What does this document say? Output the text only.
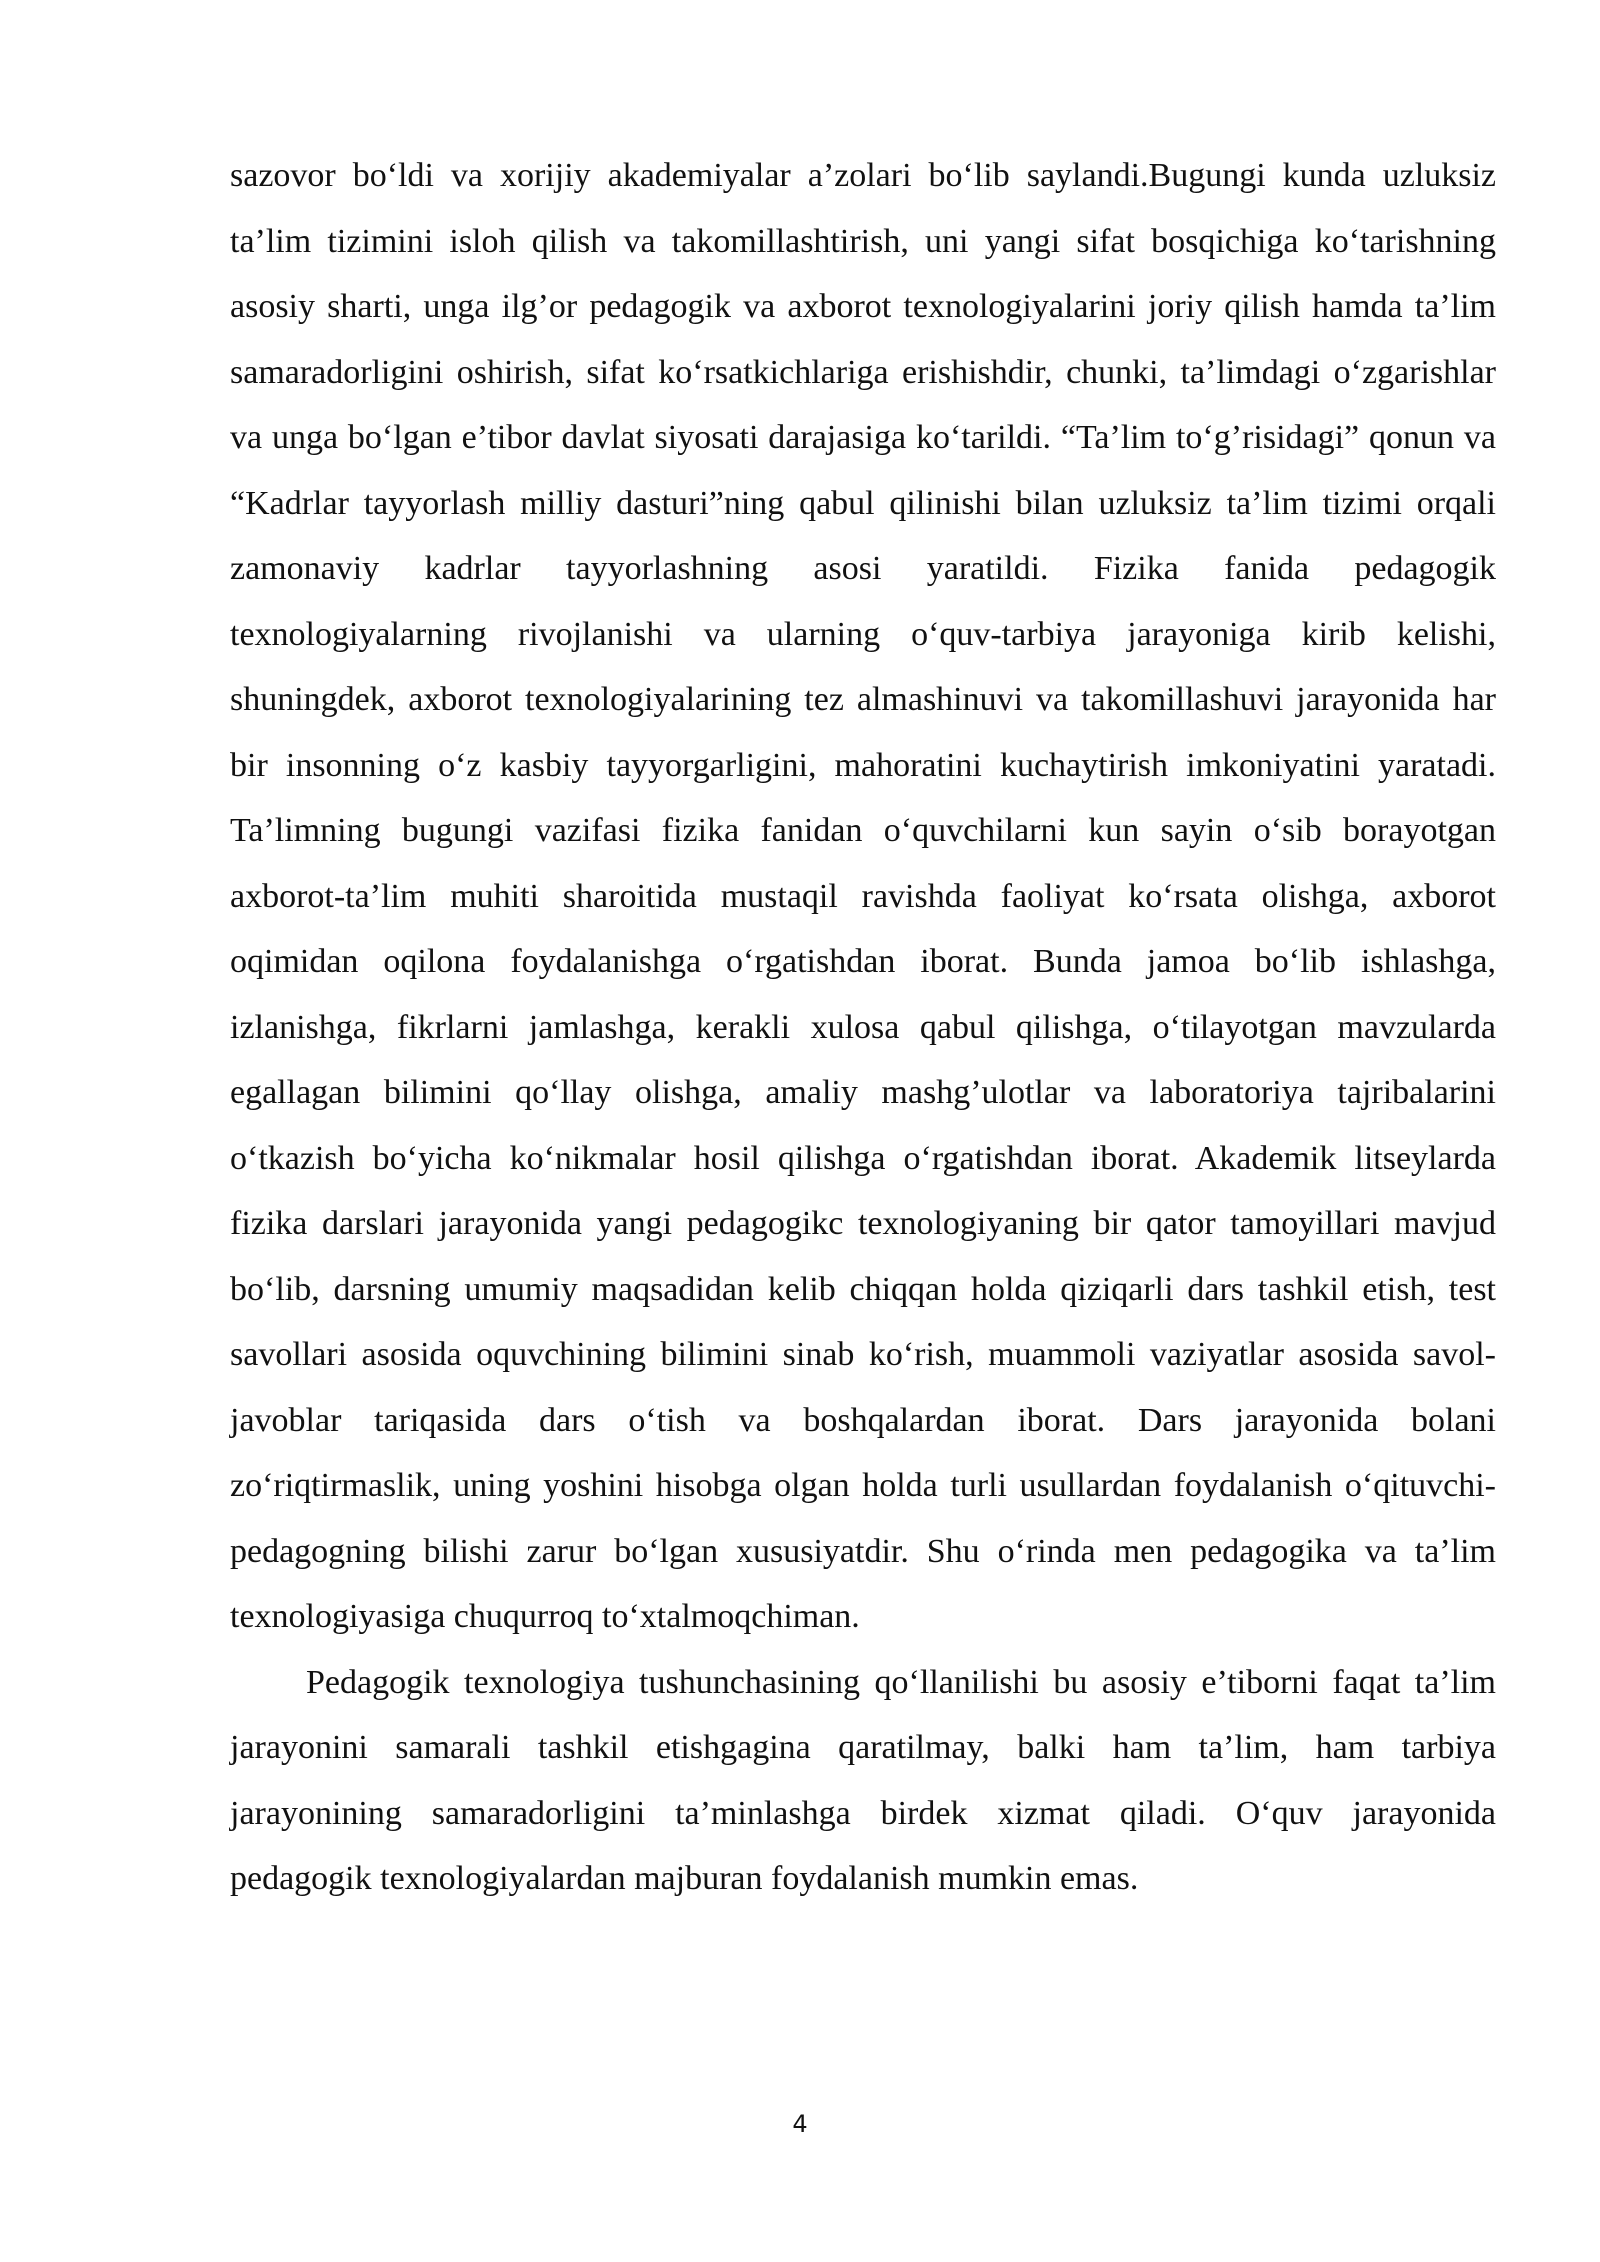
sazovor bo‘ldi va xorijiy akademiyalar a’zolari bo‘lib saylandi.Bugungi kunda uzluksiz ta’lim tizimini isloh qilish va takomillashtirish, uni yangi sifat bosqichiga ko‘tarishning asosiy sharti, unga ilg’or pedagogik va axborot texnologiyalarini joriy qilish hamda ta’lim samaradorligini oshirish, sifat ko‘rsatkichlariga erishishdir, chunki, ta’limdagi o‘zgarishlar va unga bo‘lgan e’tibor davlat siyosati darajasiga ko‘tarildi. “Ta’lim to‘g’risidagi” qonun va “Kadrlar tayyorlash milliy dasturi”ning qabul qilinishi bilan uzluksiz ta’lim tizimi orqali zamonaviy kadrlar tayyorlashning asosi yaratildi. Fizika fanida pedagogik texnologiyalarning rivojlanishi va ularning o‘quv-tarbiya jarayoniga kirib kelishi, shuningdek, axborot texnologiyalarining tez almashinuvi va takomillashuvi jarayonida har bir insonning o‘z kasbiy tayyorgarligini, mahoratini kuchaytirish imkoniyatini yaratadi. Ta’limning bugungi vazifasi fizika fanidan o‘quvchilarni kun sayin o‘sib borayotgan axborot-ta’lim muhiti sharoitida mustaqil ravishda faoliyat ko‘rsata olishga, axborot oqimidan oqilona foydalanishga o‘rgatishdan iborat. Bunda jamoa bo‘lib ishlashga, izlanishga, fikrlarni jamlashga, kerakli xulosa qabul qilishga, o‘tilayotgan mavzularda egallagan bilimini qo‘llay olishga, amaliy mashg’ulotlar va laboratoriya tajribalarini o‘tkazish bo‘yicha ko‘nikmalar hosil qilishga o‘rgatishdan iborat. Akademik litseylarda fizika darslari jarayonida yangi pedagogikc texnologiyaning bir qator tamoyillari mavjud bo‘lib, darsning umumiy maqsadidan kelib chiqqan holda qiziqarli dars tashkil etish, test savollari asosida oquvchining bilimini sinab ko‘rish, muammoli vaziyatlar asosida savol-javoblar tariqasida dars o‘tish va boshqalardan iborat. Dars jarayonida bolani zo‘riqtirmaslik, uning yoshini hisobga olgan holda turli usullardan foydalanish o‘qituvchi-pedagogning bilishi zarur bo‘lgan xususiyatdir. Shu o‘rinda men pedagogika va ta’lim texnologiyasiga chuqurroq to‘xtalmoqchiman.

Pedagogik texnologiya tushunchasining qo‘llanilishi bu asosiy e’tiborni faqat ta’lim jarayonini samarali tashkil etishgagina qaratilmay, balki ham ta’lim, ham tarbiya jarayonining samaradorligini ta’minlashga birdek xizmat qiladi. O‘quv jarayonida pedagogik texnologiyalardan majburan foydalanish mumkin emas.

4
